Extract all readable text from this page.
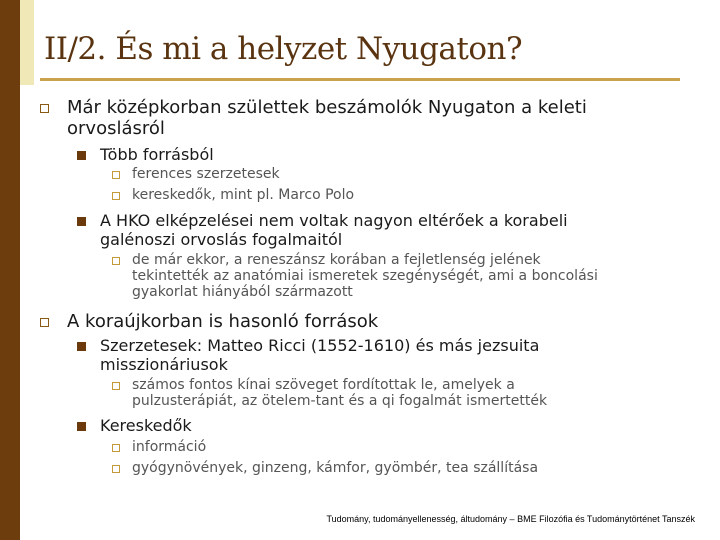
II/2. És mi a helyzet Nyugaton?
Már középkorban születtek beszámolók Nyugaton a keleti
orvoslásról
Több forrásból
ferences szerzetesek
kereskedők, mint pl. Marco Polo
A HKO elképzelései nem voltak nagyon eltérőek a korabeli
galénoszi orvoslás fogalmaitól
de már ekkor, a reneszánsz korában a fejletlenség jelének
tekintették az anatómiai ismeretek szegénységét, ami a boncolási
gyakorlat hiányából származott
A koraújkorban is hasonló források
Szerzetesek: Matteo Ricci (1552-1610) és más jezsuita
misszionáriusok
számos fontos kínai szöveget fordítottak le, amelyek a
pulzusterápiát, az ötelem-tant és a qi fogalmát ismertették
Kereskedők
információ
gyógynövények, ginzeng, kámfor, gyömbér, tea szállítása
Tudomány, tudományellenesség, áltudomány – BME Filozófia és Tudománytörténet Tanszék
